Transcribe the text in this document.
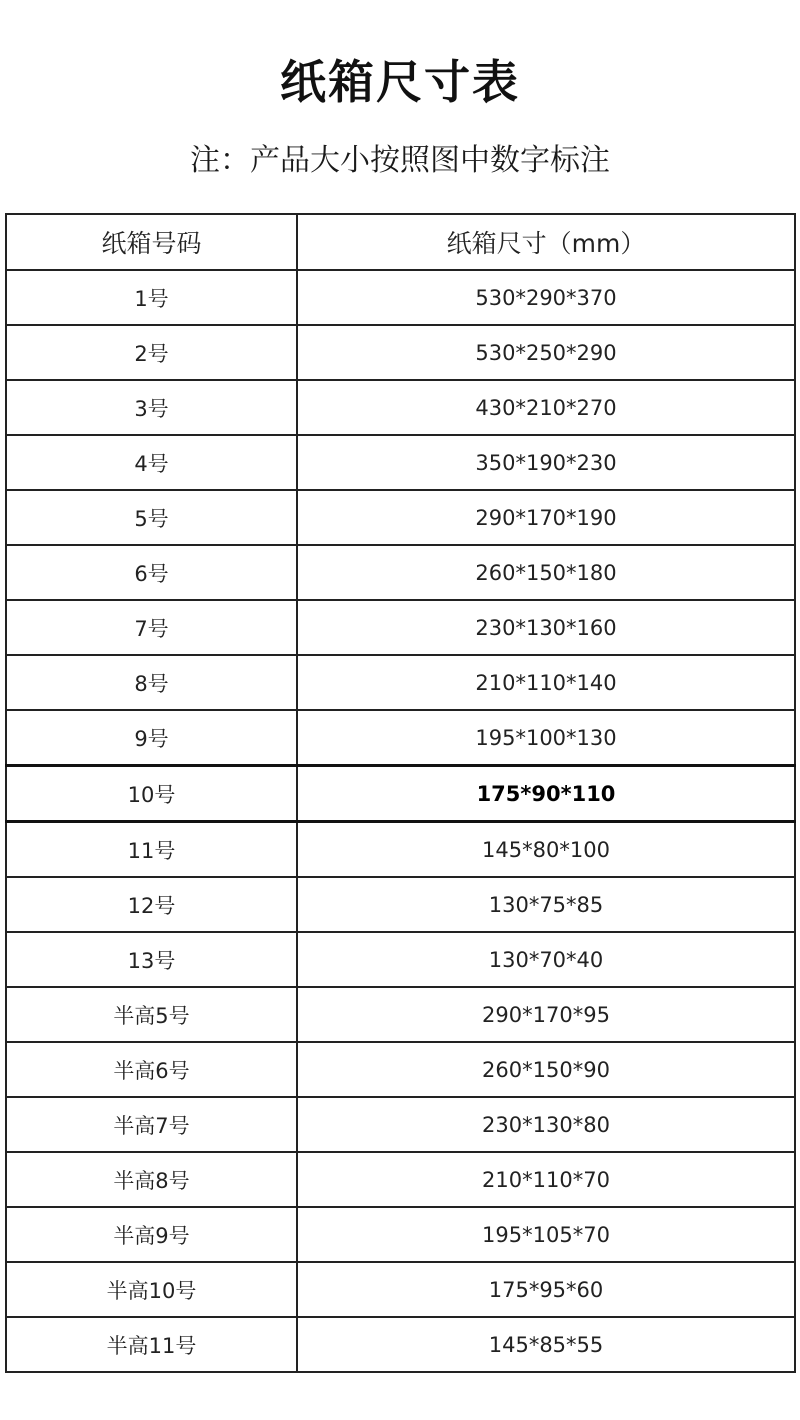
纸箱尺寸表
注：产品大小按照图中数字标注
纸箱号码	纸箱尺寸（mm）
1号	530*290*370
2号	530*250*290
3号	430*210*270
4号	350*190*230
5号	290*170*190
6号	260*150*180
7号	230*130*160
8号	210*110*140
9号	195*100*130
10号	175*90*110
11号	145*80*100
12号	130*75*85
13号	130*70*40
半高5号	290*170*95
半高6号	260*150*90
半高7号	230*130*80
半高8号	210*110*70
半高9号	195*105*70
半高10号	175*95*60
半高11号	145*85*55
